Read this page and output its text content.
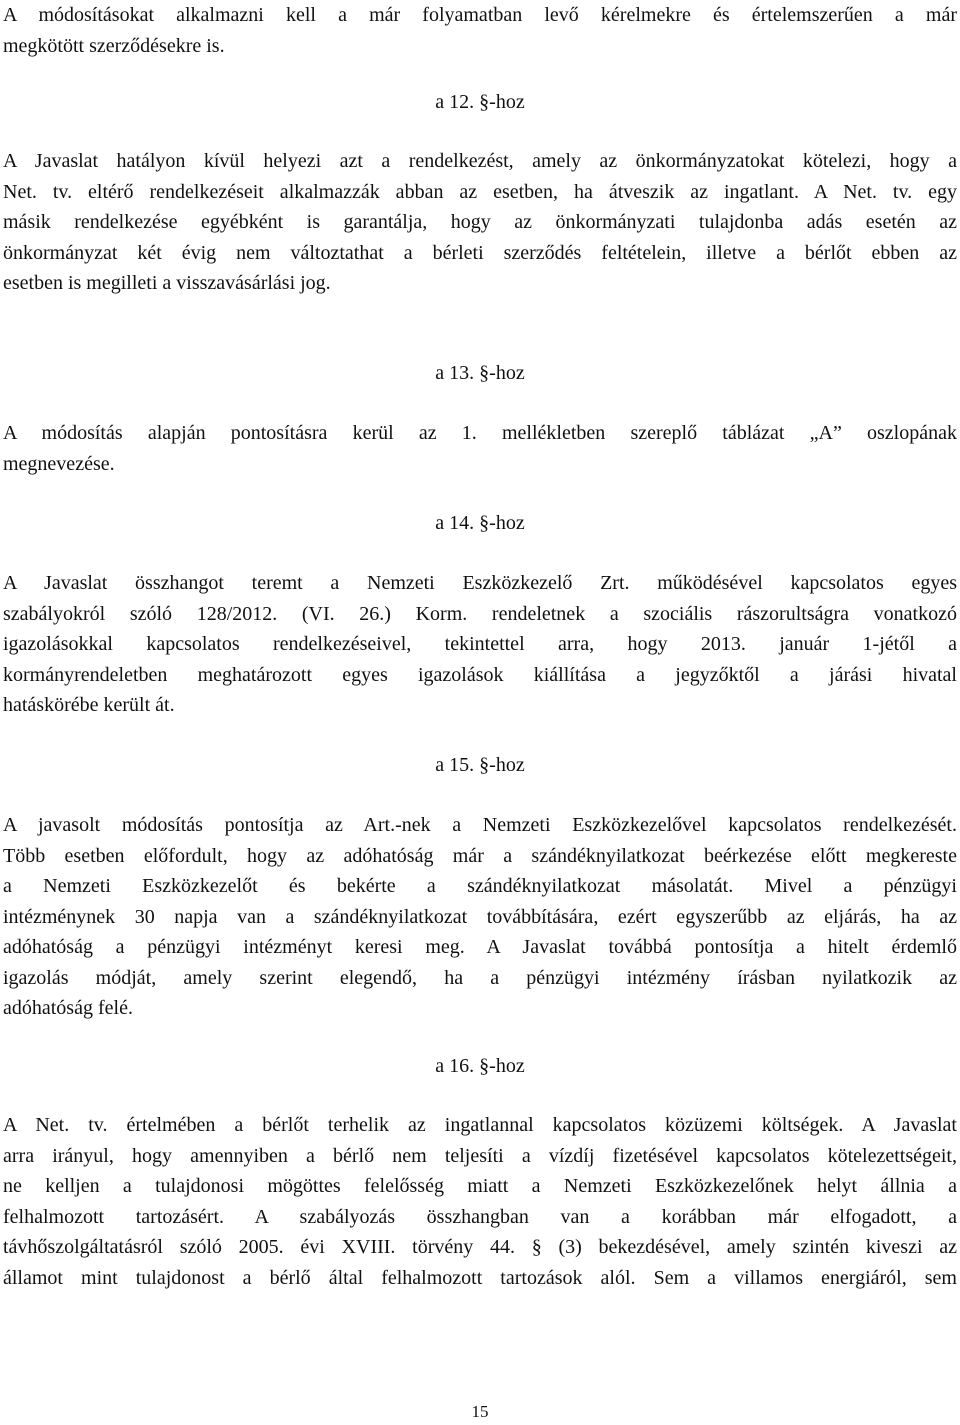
A módosításokat alkalmazni kell a már folyamatban levő kérelmekre és értelemszerűen a már
megkötött szerződésekre is.
a 12. §-hoz
A Javaslat hatályon kívül helyezi azt a rendelkezést, amely az önkormányzatokat kötelezi, hogy a
Net. tv. eltérő rendelkezéseit alkalmazzák abban az esetben, ha átveszik az ingatlant. A Net. tv. egy
másik rendelkezése egyébként is garantálja, hogy az önkormányzati tulajdonba adás esetén az
önkormányzat két évig nem változtathat a bérleti szerződés feltételein, illetve a bérlőt ebben az
esetben is megilleti a visszavásárlási jog.
a 13. §-hoz
A módosítás alapján pontosításra kerül az 1. mellékletben szereplő táblázat „A” oszlopának
megnevezése.
a 14. §-hoz
A Javaslat összhangot teremt a Nemzeti Eszközkezelő Zrt. működésével kapcsolatos egyes
szabályokról szóló 128/2012. (VI. 26.) Korm. rendeletnek a szociális rászorultságra vonatkozó
igazolásokkal kapcsolatos rendelkezéseivel, tekintettel arra, hogy 2013. január 1-jétől a
kormányrendeletben meghatározott egyes igazolások kiállítása a jegyzőktől a járási hivatal
hatáskörébe került át.
a 15. §-hoz
A javasolt módosítás pontosítja az Art.-nek a Nemzeti Eszközkezelővel kapcsolatos rendelkezését.
Több esetben előfordult, hogy az adóhatóság már a szándéknyilatkozat beérkezése előtt megkereste
a Nemzeti Eszközkezelőt és bekérte a szándéknyilatkozat másolatát. Mivel a pénzügyi
intézménynek 30 napja van a szándéknyilatkozat továbbítására, ezért egyszerűbb az eljárás, ha az
adóhatóság a pénzügyi intézményt keresi meg. A Javaslat továbbá pontosítja a hitelt érdemlő
igazolás módját, amely szerint elegendő, ha a pénzügyi intézmény írásban nyilatkozik az
adóhatóság felé.
a 16. §-hoz
A Net. tv. értelmében a bérlőt terhelik az ingatlannal kapcsolatos közüzemi költségek. A Javaslat
arra irányul, hogy amennyiben a bérlő nem teljesíti a vízdíj fizetésével kapcsolatos kötelezettségeit,
ne kelljen a tulajdonosi mögöttes felelősség miatt a Nemzeti Eszközkezelőnek helyt állnia a
felhalmozott tartozásért. A szabályozás összhangban van a korábban már elfogadott, a
távhőszolgáltatásról szóló 2005. évi XVIII. törvény 44. § (3) bekezdésével, amely szintén kiveszi az
államot mint tulajdonost a bérlő által felhalmozott tartozások alól. Sem a villamos energiáról, sem
15
